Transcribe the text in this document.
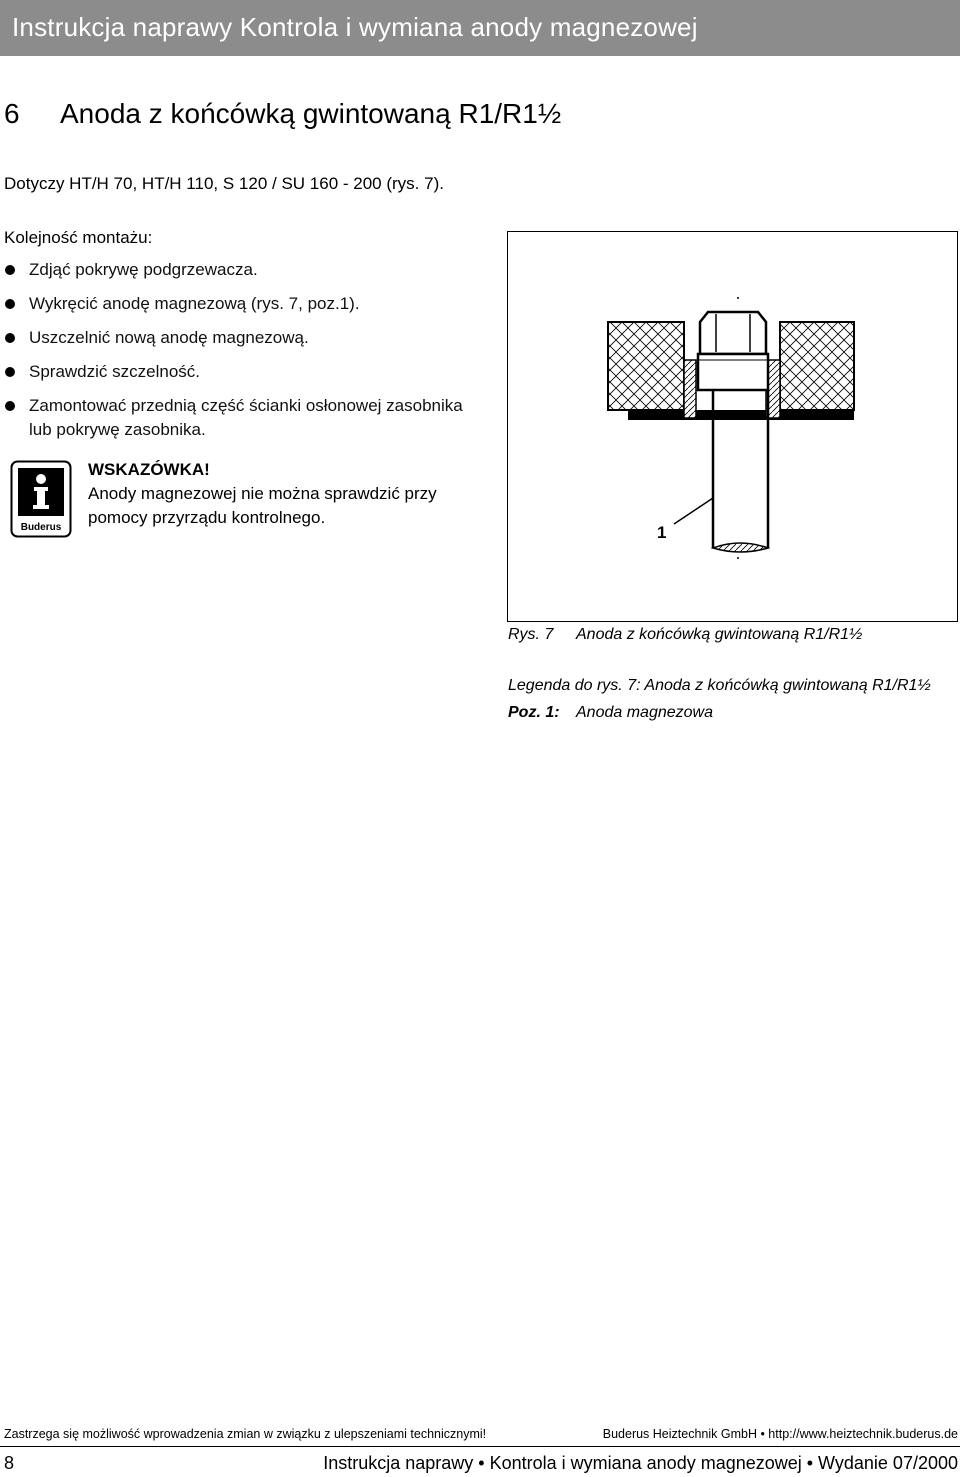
Instrukcja naprawy Kontrola i wymiana anody magnezowej
6 Anoda z końcówką gwintowaną R1/R1½
Dotyczy HT/H 70, HT/H 110, S 120 / SU 160 - 200 (rys. 7).
Kolejność montażu:
Zdjąć pokrywę podgrzewacza.
Wykręcić anodę magnezową (rys. 7, poz.1).
Uszczelnić nową anodę magnezową.
Sprawdzić szczelność.
Zamontować przednią część ścianki osłonowej zasobnika lub pokrywę zasobnika.
Buderus
WSKAZÓWKA!
Anody magnezowej nie można sprawdzić przy pomocy przyrządu kontrolnego.
1
Rys. 7 Anoda z końcówką gwintowaną R1/R1½
Legenda do rys. 7: Anoda z końcówką gwintowaną R1/R1½
Poz. 1: Anoda magnezowa
Zastrzega się możliwość wprowadzenia zmian w związku z ulepszeniami technicznymi!	Buderus Heiztechnik GmbH • http://www.heiztechnik.buderus.de
8	Instrukcja naprawy • Kontrola i wymiana anody magnezowej • Wydanie 07/2000
